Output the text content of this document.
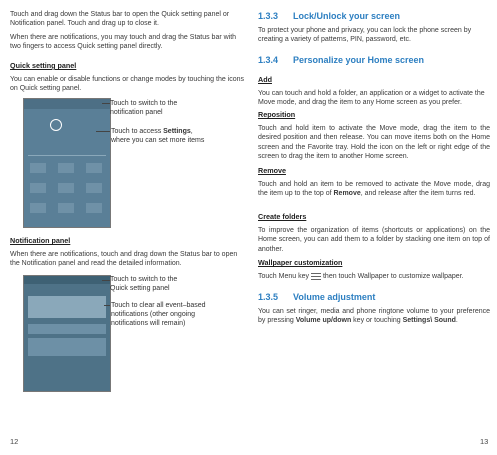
Touch and drag down the Status bar to open the Quick setting panel or Notification panel. Touch and drag up to close it.

When there are notifications, you may touch and drag the Status bar with two fingers to access Quick setting panel directly.

Quick setting panel

You can enable or disable functions or change modes by touching the icons on Quick setting panel.

Touch to switch to the notification panel
Touch to access Settings, where you can set more items

Notification panel

When there are notifications, touch and drag down the Status bar to open the Notification panel and read the detailed information.

Touch to switch to the Quick setting panel
Touch to clear all event–based notifications (other ongoing notifications will remain)
12
1.3.3 Lock/Unlock your screen

To protect your phone and privacy, you can lock the phone screen by creating a variety of patterns, PIN, password, etc.

1.3.4 Personalize your Home screen

Add

You can touch and hold a folder, an application or a widget to activate the Move mode, and drag the item to any Home screen as you prefer.

Reposition

Touch and hold item to activate the Move mode, drag the item to the desired position and then release. You can move items both on the Home screen and the Favorite tray. Hold the icon on the left or right edge of the screen to drag the item to another Home screen.

Remove

Touch and hold an item to be removed to activate the Move mode, drag the item up to the top of Remove, and release after the item turns red.

Create folders

To improve the organization of items (shortcuts or applications) on the Home screen, you can add them to a folder by stacking one item on top of another.

Wallpaper customization

Touch Menu key then touch Wallpaper to customize wallpaper.

1.3.5 Volume adjustment

You can set ringer, media and phone ringtone volume to your preference by pressing Volume up/down key or touching Settings\ Sound.

13
